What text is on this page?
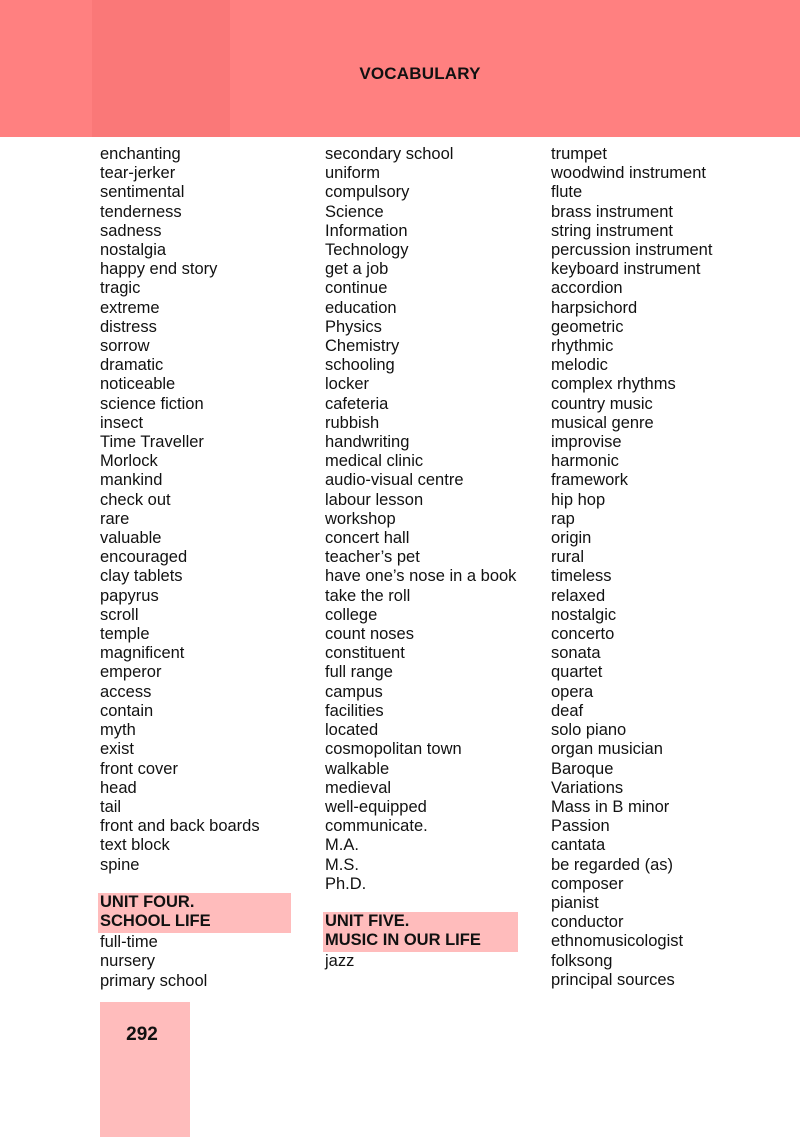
VOCABULARY
enchanting
tear-jerker
sentimental
tenderness
sadness
nostalgia
happy end story
tragic
extreme
distress
sorrow
dramatic
noticeable
science fiction
insect
Time Traveller
Morlock
mankind
check out
rare
valuable
encouraged
clay tablets
papyrus
scroll
temple
magnificent
emperor
access
contain
myth
exist
front cover
head
tail
front and back boards
text block
spine
UNIT FOUR.
SCHOOL LIFE
full-time
nursery
primary school
secondary school
uniform
compulsory
Science
Information
Technology
get a job
continue
education
Physics
Chemistry
schooling
locker
cafeteria
rubbish
handwriting
medical clinic
audio-visual centre
labour lesson
workshop
concert hall
teacher’s pet
have one’s nose in a book
take the roll
college
count noses
constituent
full range
campus
facilities
located
cosmopolitan town
walkable
medieval
well-equipped
communicate.
M.A.
M.S.
Ph.D.
UNIT FIVE.
MUSIC IN OUR LIFE
jazz
trumpet
woodwind instrument
flute
brass instrument
string instrument
percussion instrument
keyboard instrument
accordion
harpsichord
geometric
rhythmic
melodic
complex rhythms
country music
musical genre
improvise
harmonic
framework
hip hop
rap
origin
rural
timeless
relaxed
nostalgic
concerto
sonata
quartet
opera
deaf
solo piano
organ musician
Baroque
Variations
Mass in B minor
Passion
cantata
be regarded (as)
composer
pianist
conductor
ethnomusicologist
folksong
principal sources
292
